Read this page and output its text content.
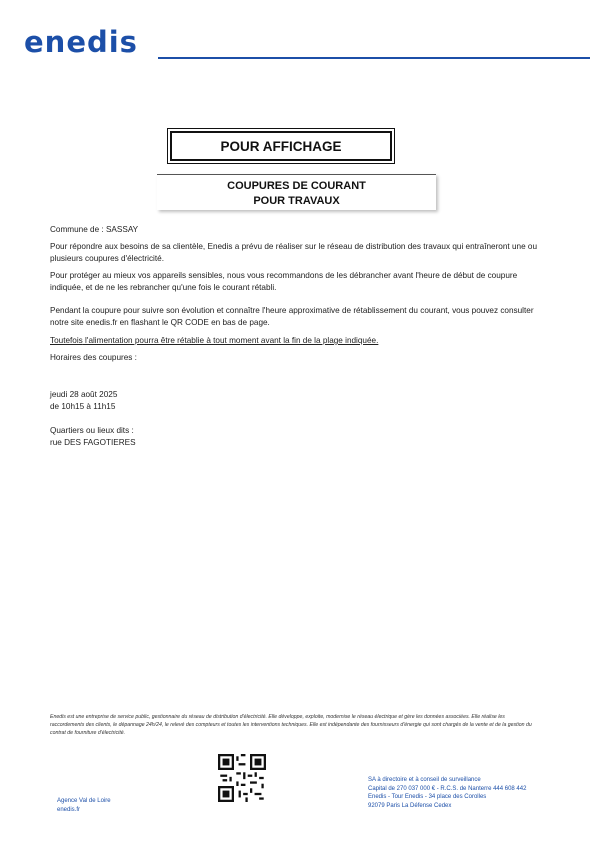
enedis
POUR AFFICHAGE
COUPURES DE COURANT
POUR TRAVAUX
Commune de : SASSAY
Pour répondre aux besoins de sa clientèle, Enedis a prévu de réaliser sur le réseau de distribution des travaux qui entraîneront une ou plusieurs coupures d'électricité.
Pour protéger au mieux vos appareils sensibles, nous vous recommandons de les débrancher avant l'heure de début de coupure indiquée, et de ne les rebrancher qu'une fois le courant rétabli.
Pendant la coupure pour suivre son évolution et connaître l'heure approximative de rétablissement du courant, vous pouvez consulter notre site enedis.fr en flashant le QR CODE en bas de page.
Toutefois l'alimentation pourra être rétablie à tout moment avant la fin de la plage indiquée.
Horaires des coupures :
jeudi 28 août 2025
de 10h15 à 11h15
Quartiers ou lieux dits :
rue DES FAGOTIERES
Enedis est une entreprise de service public, gestionnaire du réseau de distribution d'électricité. Elle développe, exploite, modernise le réseau électrique et gère les données associées. Elle réalise les raccordements des clients, le dépannage 24h/24, le relevé des compteurs et toutes les interventions techniques. Elle est indépendante des fournisseurs d'énergie qui sont chargés de la vente et de la gestion du contrat de fourniture d'électricité.
Agence Val de Loire
enedis.fr
SA à directoire et à conseil de surveillance
Capital de 270 037 000 € - R.C.S. de Nanterre 444 608 442
Enedis - Tour Enedis - 34 place des Corolles
92079 Paris La Défense Cedex
